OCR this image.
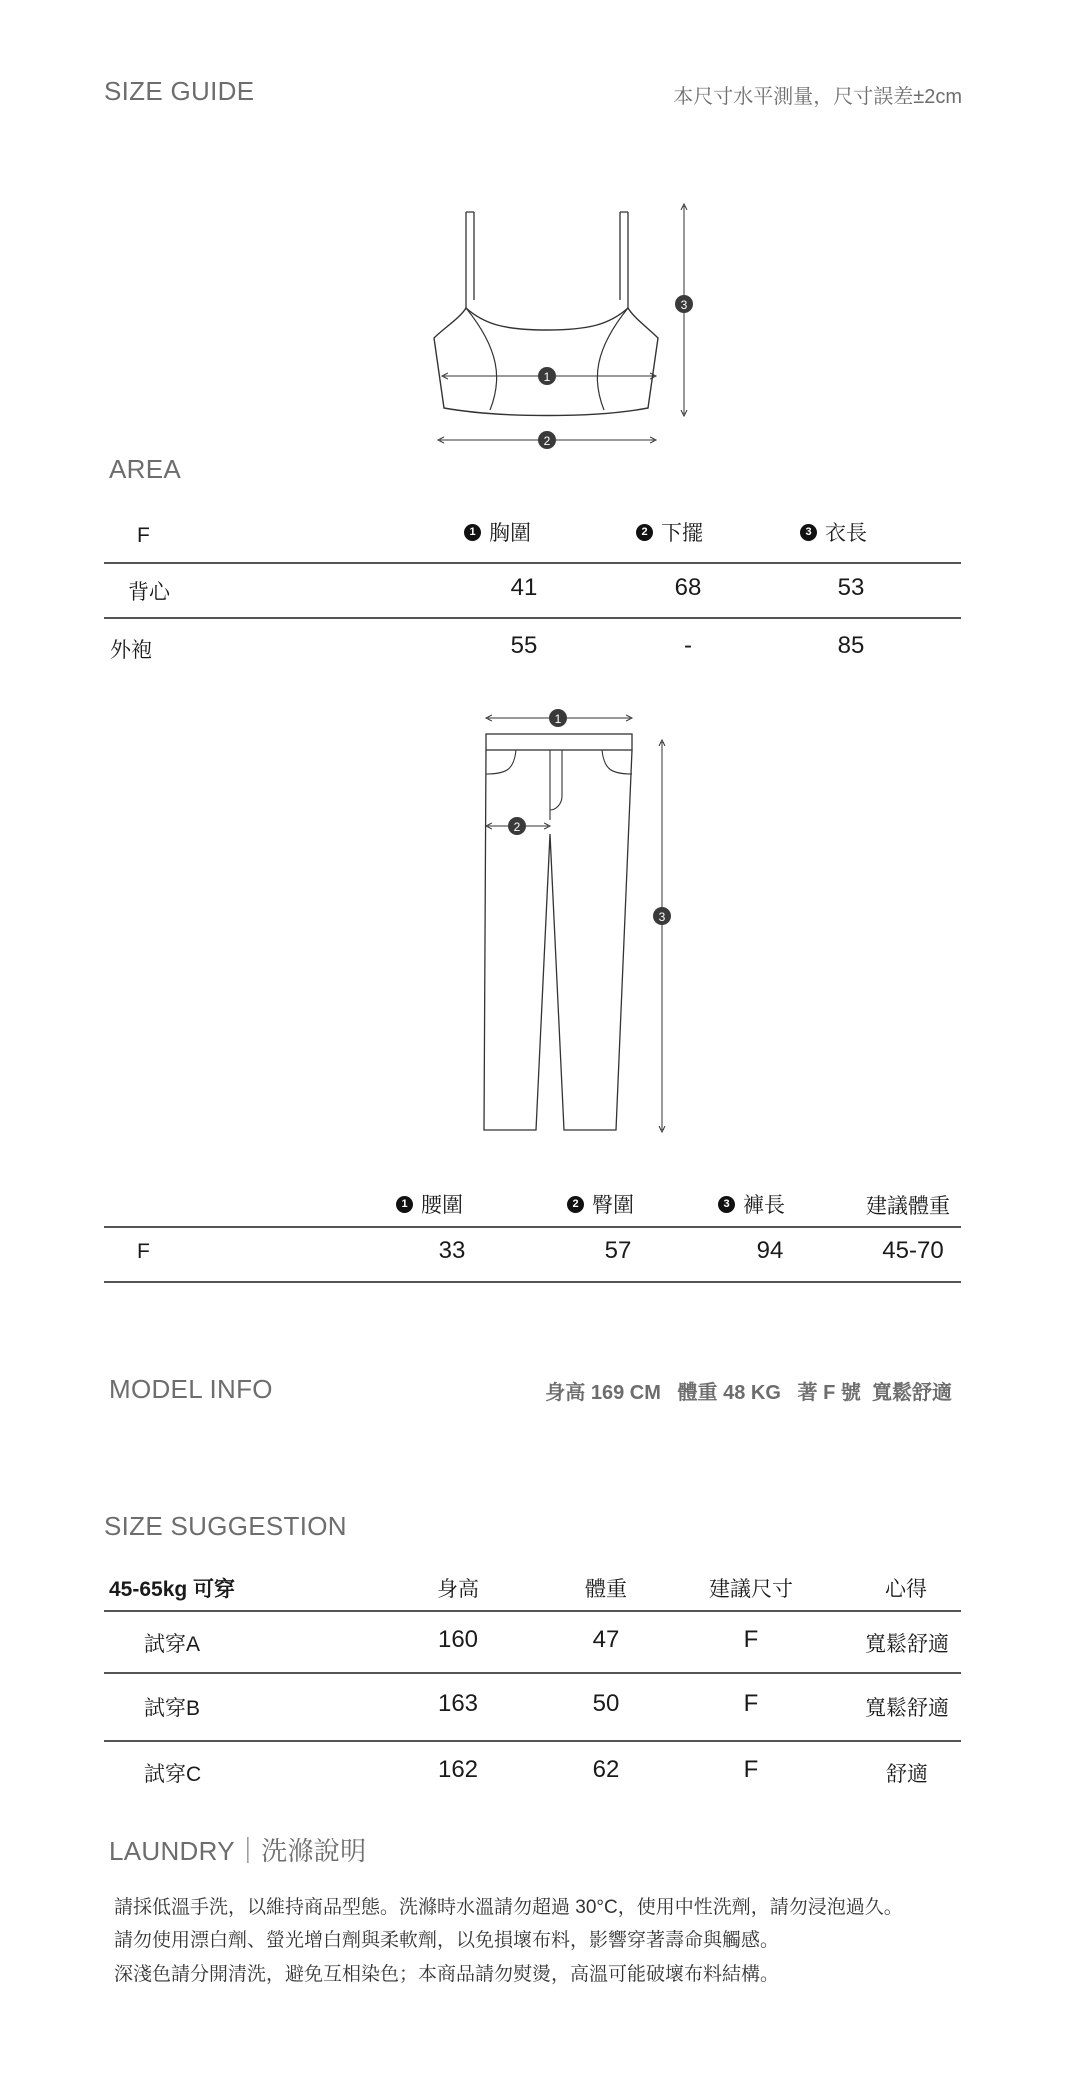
SIZE GUIDE	本尺寸水平測量，尺寸誤差±2cm
1
2
3
AREA
F	1 胸圍	2 下擺	3 衣長
背心	41	68	53
外袍	55	-	85
1
2
3
1 腰圍	2 臀圍	3 褲長	建議體重
F	33	57	94	45-70
MODEL INFO	身高 169 CM   體重 48 KG   著 F 號  寬鬆舒適
SIZE SUGGESTION
45-65kg 可穿	身高	體重	建議尺寸	心得
試穿A	160	47	F	寬鬆舒適
試穿B	163	50	F	寬鬆舒適
試穿C	162	62	F	舒適
LAUNDRY｜洗滌說明
請採低溫手洗，以維持商品型態。洗滌時水溫請勿超過 30°C，使用中性洗劑，請勿浸泡過久。
請勿使用漂白劑、螢光增白劑與柔軟劑，以免損壞布料，影響穿著壽命與觸感。
深淺色請分開清洗，避免互相染色；本商品請勿熨燙，高溫可能破壞布料結構。
